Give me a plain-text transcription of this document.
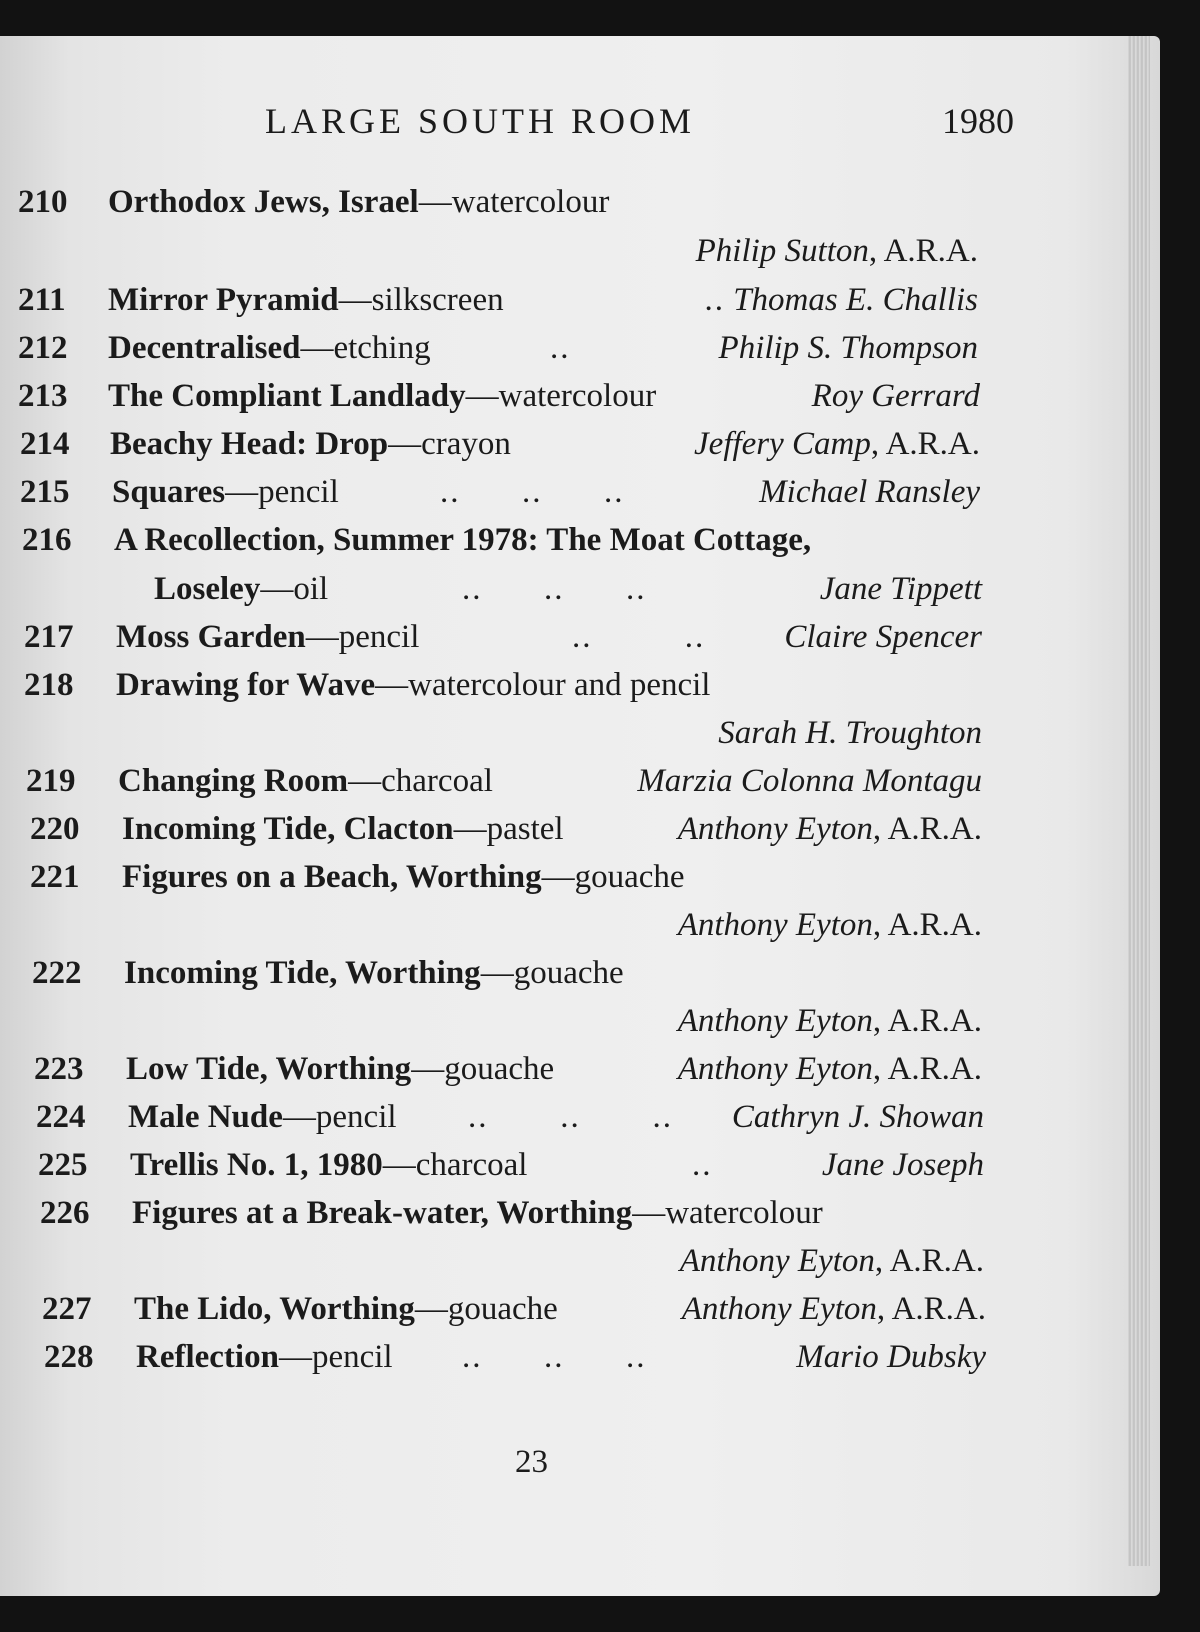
LARGE SOUTH ROOM	1980
210	Orthodox Jews, Israel—watercolour
Philip Sutton, A.R.A.
211	Mirror Pyramid—silkscreen	.. Thomas E. Challis
212	Decentralised—etching	..	Philip S. Thompson
213	The Compliant Landlady—watercolour	Roy Gerrard
214	Beachy Head: Drop—crayon	Jeffery Camp, A.R.A.
215	Squares—pencil	..      ..      ..	Michael Ransley
216	A Recollection, Summer 1978: The Moat Cottage,
Loseley—oil	..      ..      ..	Jane Tippett
217	Moss Garden—pencil	..         .. Claire Spencer
218	Drawing for Wave—watercolour and pencil
Sarah H. Troughton
219	Changing Room—charcoal	Marzia Colonna Montagu
220	Incoming Tide, Clacton—pastel	Anthony Eyton, A.R.A.
221	Figures on a Beach, Worthing—gouache
Anthony Eyton, A.R.A.
222	Incoming Tide, Worthing—gouache
Anthony Eyton, A.R.A.
223	Low Tide, Worthing—gouache	Anthony Eyton, A.R.A.
224	Male Nude—pencil ..       ..       .. Cathryn J. Showan
225	Trellis No. 1, 1980—charcoal	..	Jane Joseph
226	Figures at a Break-water, Worthing—watercolour
Anthony Eyton, A.R.A.
227	The Lido, Worthing—gouache	Anthony Eyton, A.R.A.
228	Reflection—pencil ..      ..      ..	Mario Dubsky
23
